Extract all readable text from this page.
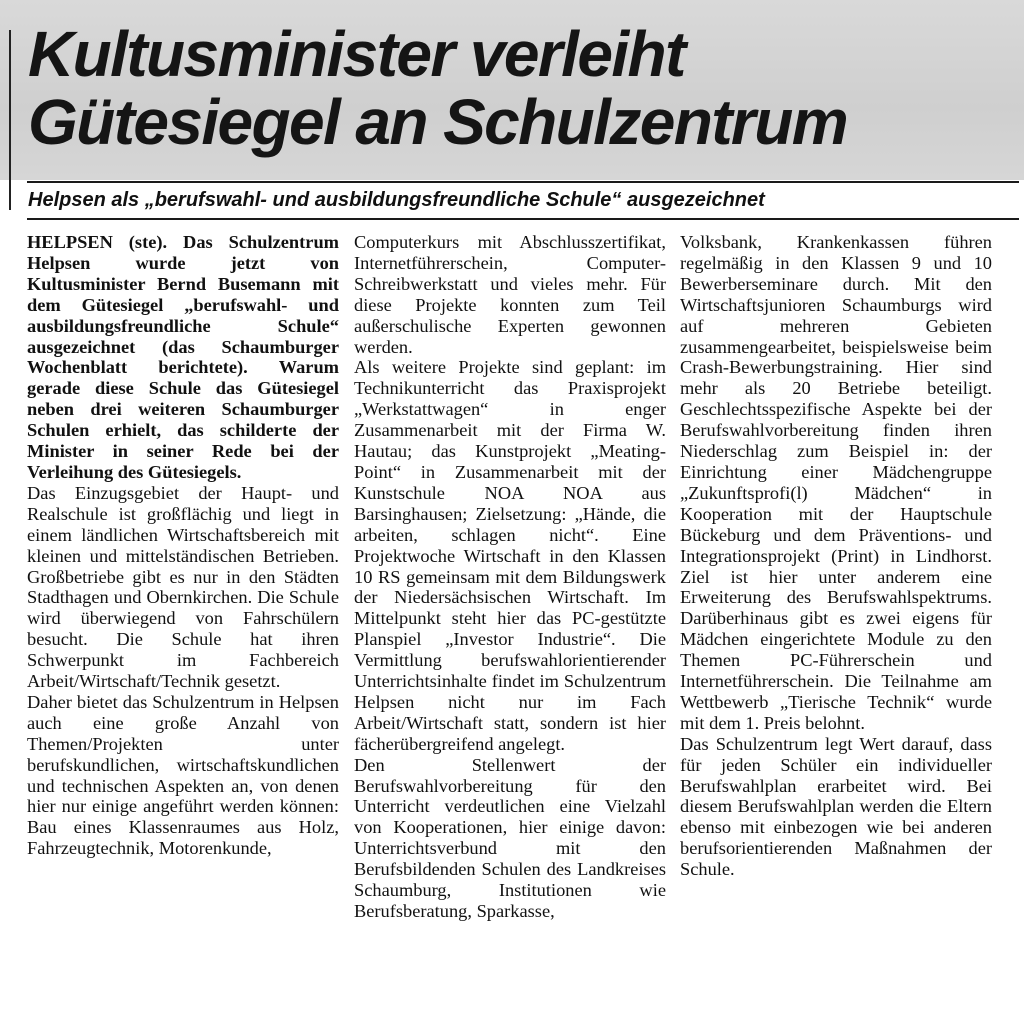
Kultusminister verleiht
Gütesiegel an Schulzentrum
Helpsen als „berufswahl- und ausbildungsfreundliche Schule“ ausgezeichnet

HELPSEN (ste). Das Schulzentrum Helpsen wurde jetzt von Kultusminister Bernd Busemann mit dem Gütesiegel „berufswahl- und ausbildungsfreundliche Schule“ ausgezeichnet (das Schaumburger Wochenblatt berichtete). Warum gerade diese Schule das Gütesiegel neben drei weiteren Schaumburger Schulen erhielt, das schilderte der Minister in seiner Rede bei der Verleihung des Gütesiegels.

Das Einzugsgebiet der Haupt- und Realschule ist großflächig und liegt in einem ländlichen Wirtschaftsbereich mit kleinen und mittelständischen Betrieben. Großbetriebe gibt es nur in den Städten Stadthagen und Obernkirchen. Die Schule wird überwiegend von Fahrschülern besucht. Die Schule hat ihren Schwerpunkt im Fachbereich Arbeit/Wirtschaft/Technik gesetzt.

Daher bietet das Schulzentrum in Helpsen auch eine große Anzahl von Themen/Projekten unter berufskundlichen, wirtschaftskundlichen und technischen Aspekten an, von denen hier nur einige angeführt werden können: Bau eines Klassenraumes aus Holz, Fahrzeugtechnik, Motorenkunde,

Computerkurs mit Abschlusszertifikat, Internetführerschein, Computer-Schreibwerkstatt und vieles mehr. Für diese Projekte konnten zum Teil außerschulische Experten gewonnen werden.

Als weitere Projekte sind geplant: im Technikunterricht das Praxisprojekt „Werkstattwagen“ in enger Zusammenarbeit mit der Firma W. Hautau; das Kunstprojekt „Meating-Point“ in Zusammenarbeit mit der Kunstschule NOA NOA aus Barsinghausen; Zielsetzung: „Hände, die arbeiten, schlagen nicht“. Eine Projektwoche Wirtschaft in den Klassen 10 RS gemeinsam mit dem Bildungswerk der Niedersächsischen Wirtschaft. Im Mittelpunkt steht hier das PC-gestützte Planspiel „Investor Industrie“. Die Vermittlung berufswahlorientierender Unterrichtsinhalte findet im Schulzentrum Helpsen nicht nur im Fach Arbeit/Wirtschaft statt, sondern ist hier fächerübergreifend angelegt.

Den Stellenwert der Berufswahlvorbereitung für den Unterricht verdeutlichen eine Vielzahl von Kooperationen, hier einige davon: Unterrichtsverbund mit den Berufsbildenden Schulen des Landkreises Schaumburg, Institutionen wie Berufsberatung, Sparkasse,

Volksbank, Krankenkassen führen regelmäßig in den Klassen 9 und 10 Bewerberseminare durch. Mit den Wirtschaftsjunioren Schaumburgs wird auf mehreren Gebieten zusammengearbeitet, beispielsweise beim Crash-Bewerbungstraining. Hier sind mehr als 20 Betriebe beteiligt. Geschlechtsspezifische Aspekte bei der Berufswahlvorbereitung finden ihren Niederschlag zum Beispiel in: der Einrichtung einer Mädchengruppe „Zukunftsprofi(l) Mädchen“ in Kooperation mit der Hauptschule Bückeburg und dem Präventions- und Integrationsprojekt (Print) in Lindhorst. Ziel ist hier unter anderem eine Erweiterung des Berufswahlspektrums. Darüberhinaus gibt es zwei eigens für Mädchen eingerichtete Module zu den Themen PC-Führerschein und Internetführerschein. Die Teilnahme am Wettbewerb „Tierische Technik“ wurde mit dem 1. Preis belohnt.

Das Schulzentrum legt Wert darauf, dass für jeden Schüler ein individueller Berufswahlplan erarbeitet wird. Bei diesem Berufswahlplan werden die Eltern ebenso mit einbezogen wie bei anderen berufsorientierenden Maßnahmen der Schule.
